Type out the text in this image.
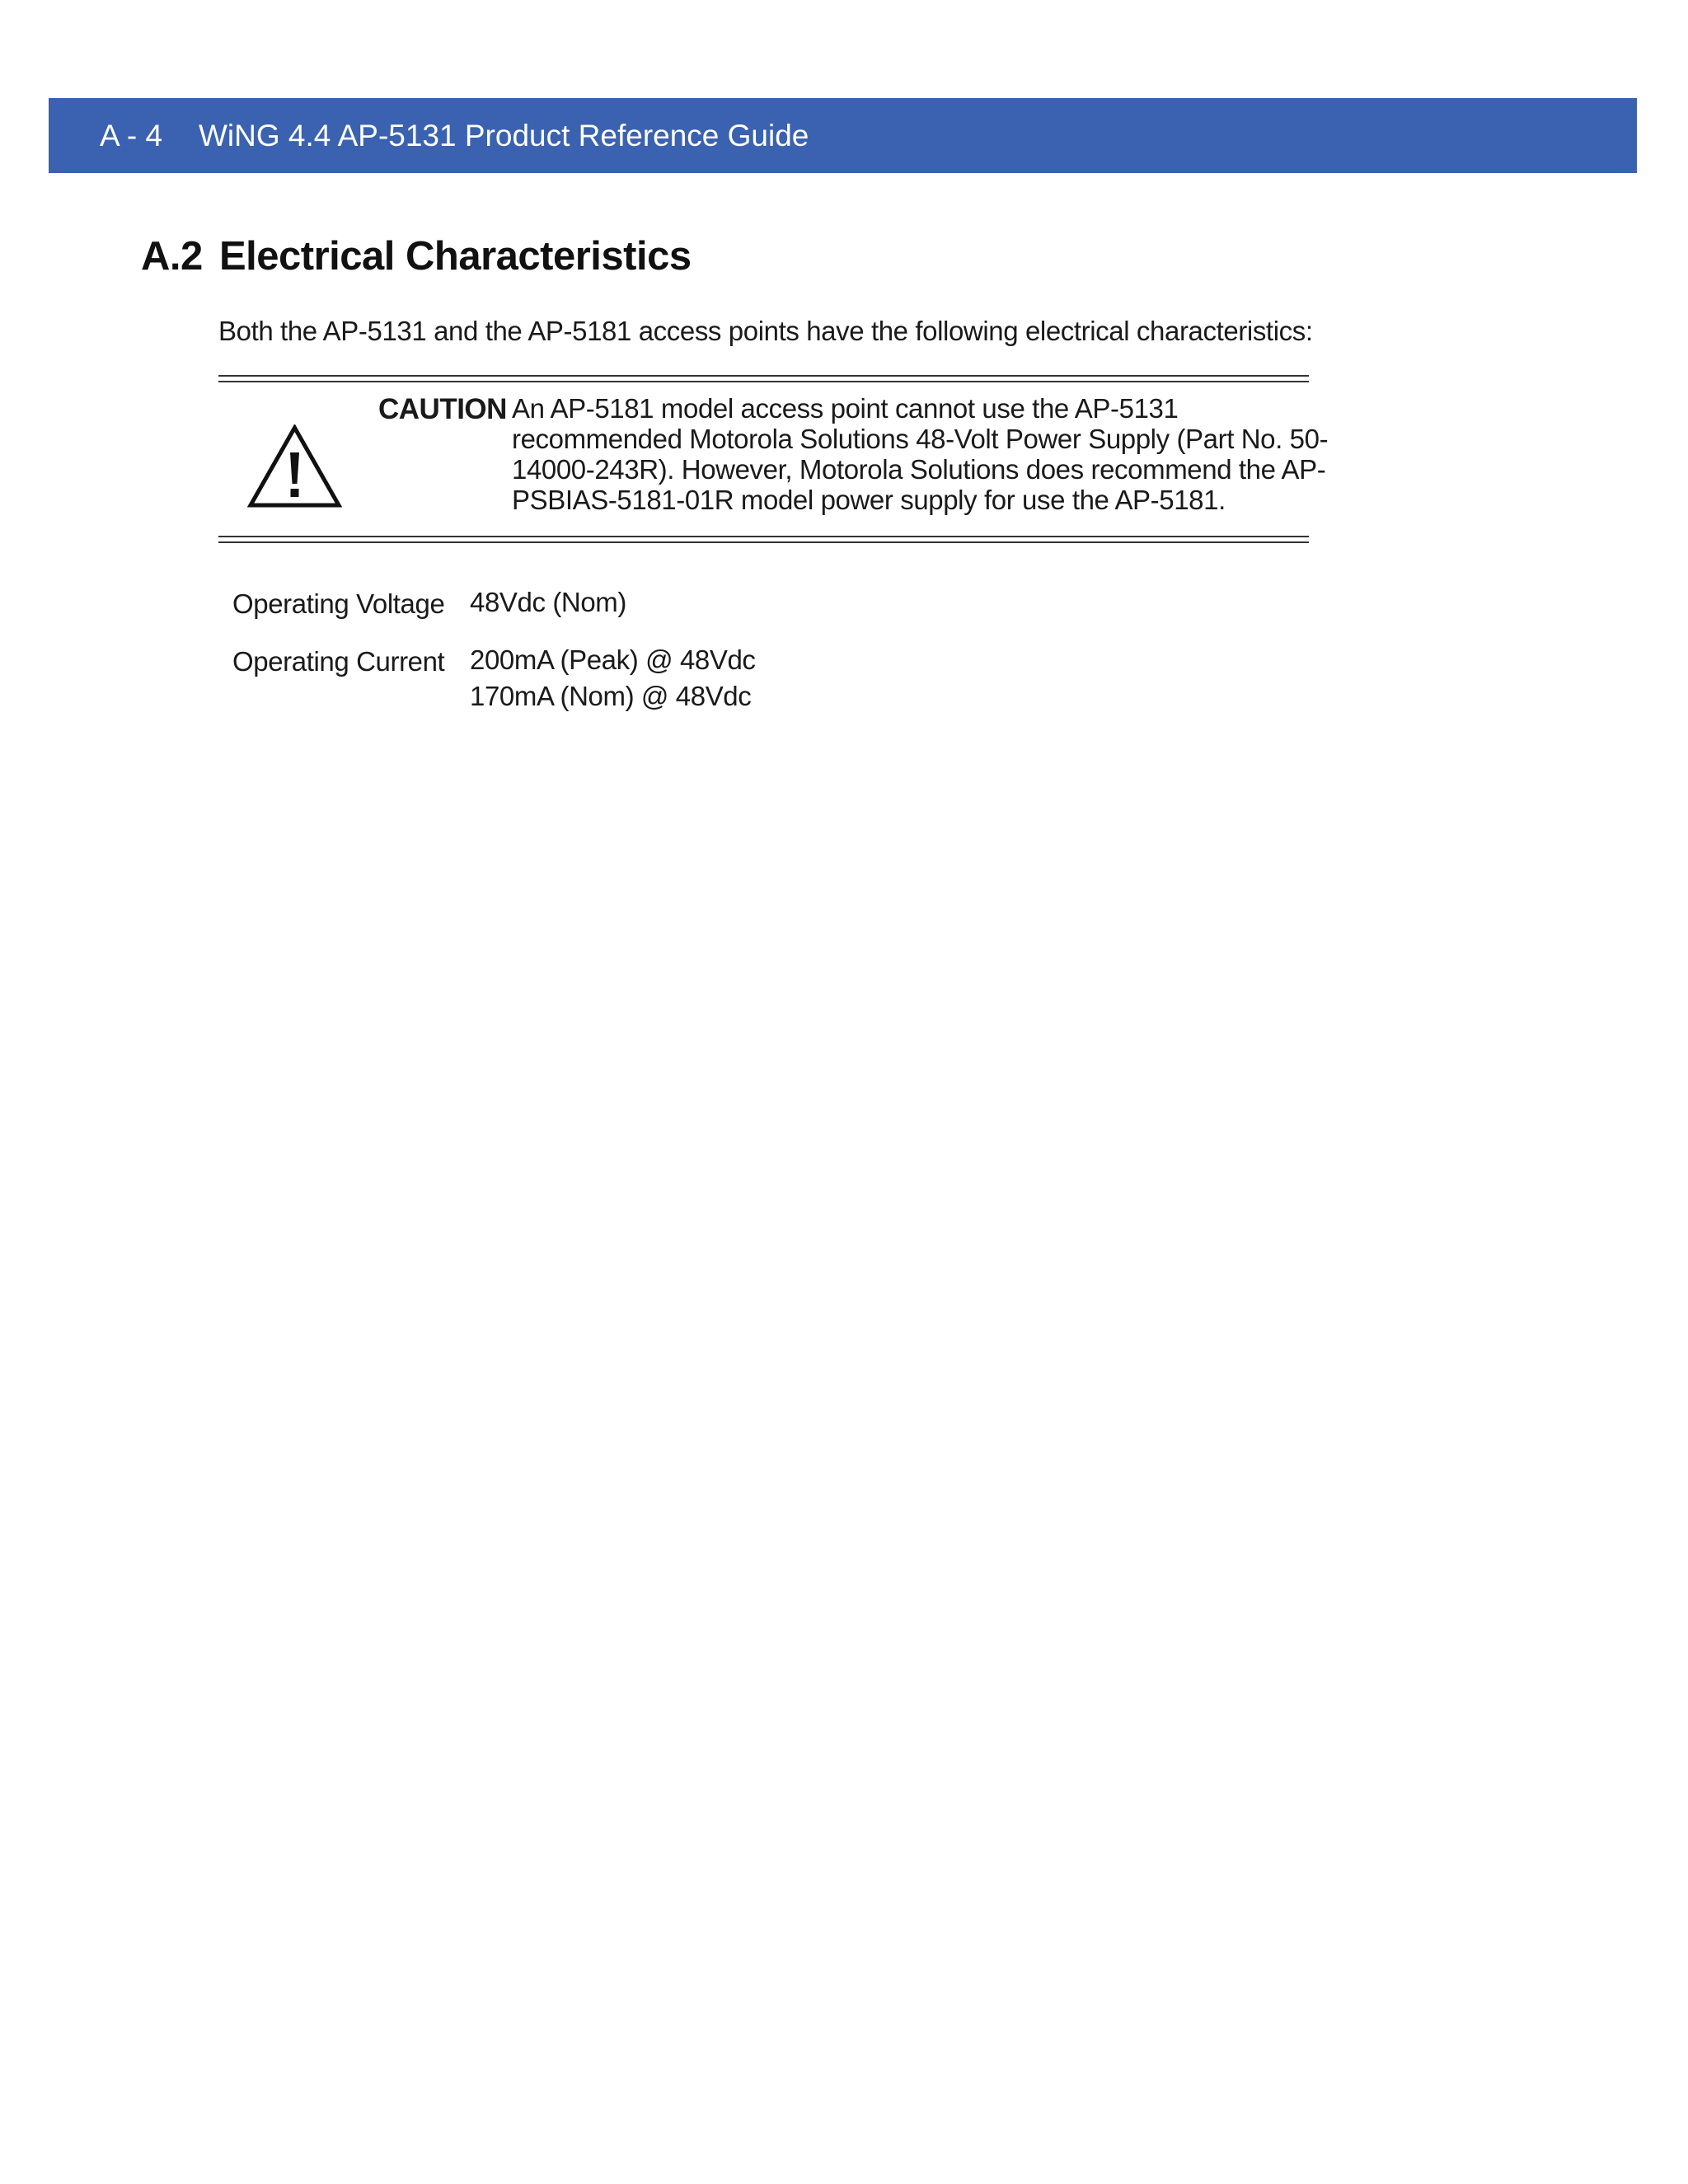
A - 4 WiNG 4.4 AP-5131 Product Reference Guide
A.2 Electrical Characteristics
Both the AP-5131 and the AP-5181 access points have the following electrical characteristics:
CAUTION An AP-5181 model access point cannot use the AP-5131
recommended Motorola Solutions 48-Volt Power Supply (Part No. 50-
14000-243R). However, Motorola Solutions does recommend the AP-
PSBIAS-5181-01R model power supply for use the AP-5181.
Operating Voltage 48Vdc (Nom)
Operating Current 200mA (Peak) @ 48Vdc
170mA (Nom) @ 48Vdc
